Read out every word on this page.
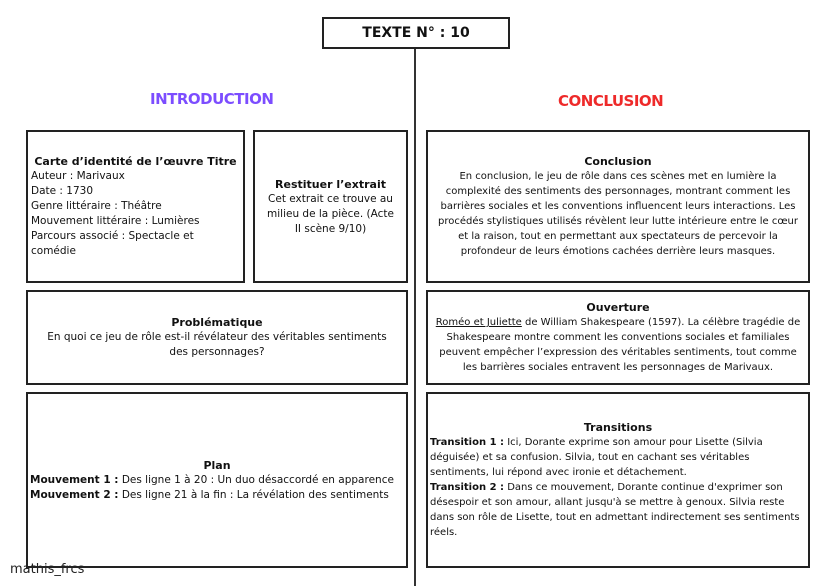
TEXTE N° : 10
INTRODUCTION	CONCLUSION
Carte d’identité de l’œuvre Titre
Auteur : Marivaux
Date : 1730
Genre littéraire : Théâtre
Mouvement littéraire : Lumières
Parcours associé : Spectacle et comédie
Restituer l’extrait
Cet extrait ce trouve au milieu de la pièce. (Acte II scène 9/10)
Problématique
En quoi ce jeu de rôle est-il révélateur des véritables sentiments des personnages?
Plan
Mouvement 1 : Des ligne 1 à 20 : Un duo désaccordé en apparence
Mouvement 2 : Des ligne 21 à la fin : La révélation des sentiments
Conclusion
En conclusion, le jeu de rôle dans ces scènes met en lumière la complexité des sentiments des personnages, montrant comment les barrières sociales et les conventions influencent leurs interactions. Les procédés stylistiques utilisés révèlent leur lutte intérieure entre le cœur et la raison, tout en permettant aux spectateurs de percevoir la profondeur de leurs émotions cachées derrière leurs masques.
Ouverture
Roméo et Juliette de William Shakespeare (1597). La célèbre tragédie de Shakespeare montre comment les conventions sociales et familiales peuvent empêcher l’expression des véritables sentiments, tout comme les barrières sociales entravent les personnages de Marivaux.
Transitions
Transition 1 : Ici, Dorante exprime son amour pour Lisette (Silvia déguisée) et sa confusion. Silvia, tout en cachant ses véritables sentiments, lui répond avec ironie et détachement.
Transition 2 : Dans ce mouvement, Dorante continue d'exprimer son désespoir et son amour, allant jusqu'à se mettre à genoux. Silvia reste dans son rôle de Lisette, tout en admettant indirectement ses sentiments réels.
mathis_frcs
